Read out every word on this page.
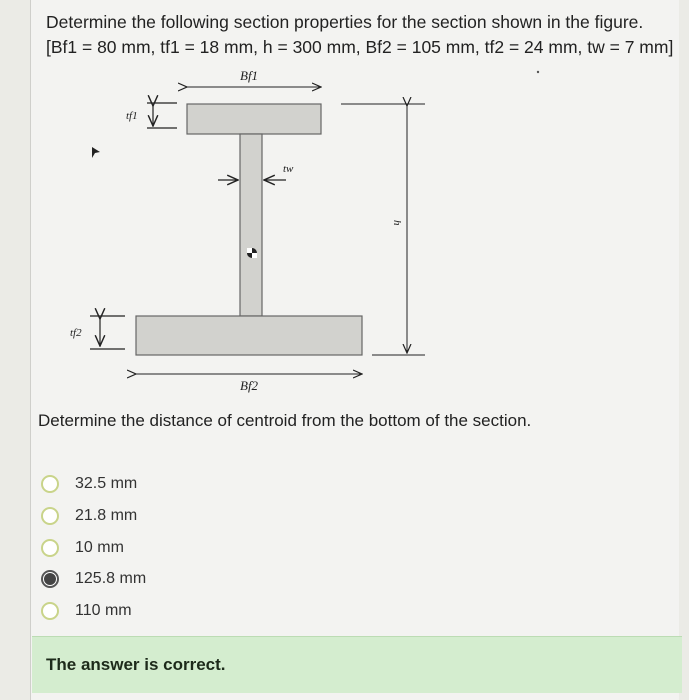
Determine the following section properties for the section shown in the figure.
[Bf1 = 80 mm, tf1 = 18 mm, h = 300 mm, Bf2 = 105 mm, tf2 = 24 mm, tw = 7 mm]
Bf1
tf1
tw
h
tf2
Bf2
Determine the distance of centroid from the bottom of the section.
32.5 mm
21.8 mm
10 mm
125.8 mm
110 mm
The answer is correct.
